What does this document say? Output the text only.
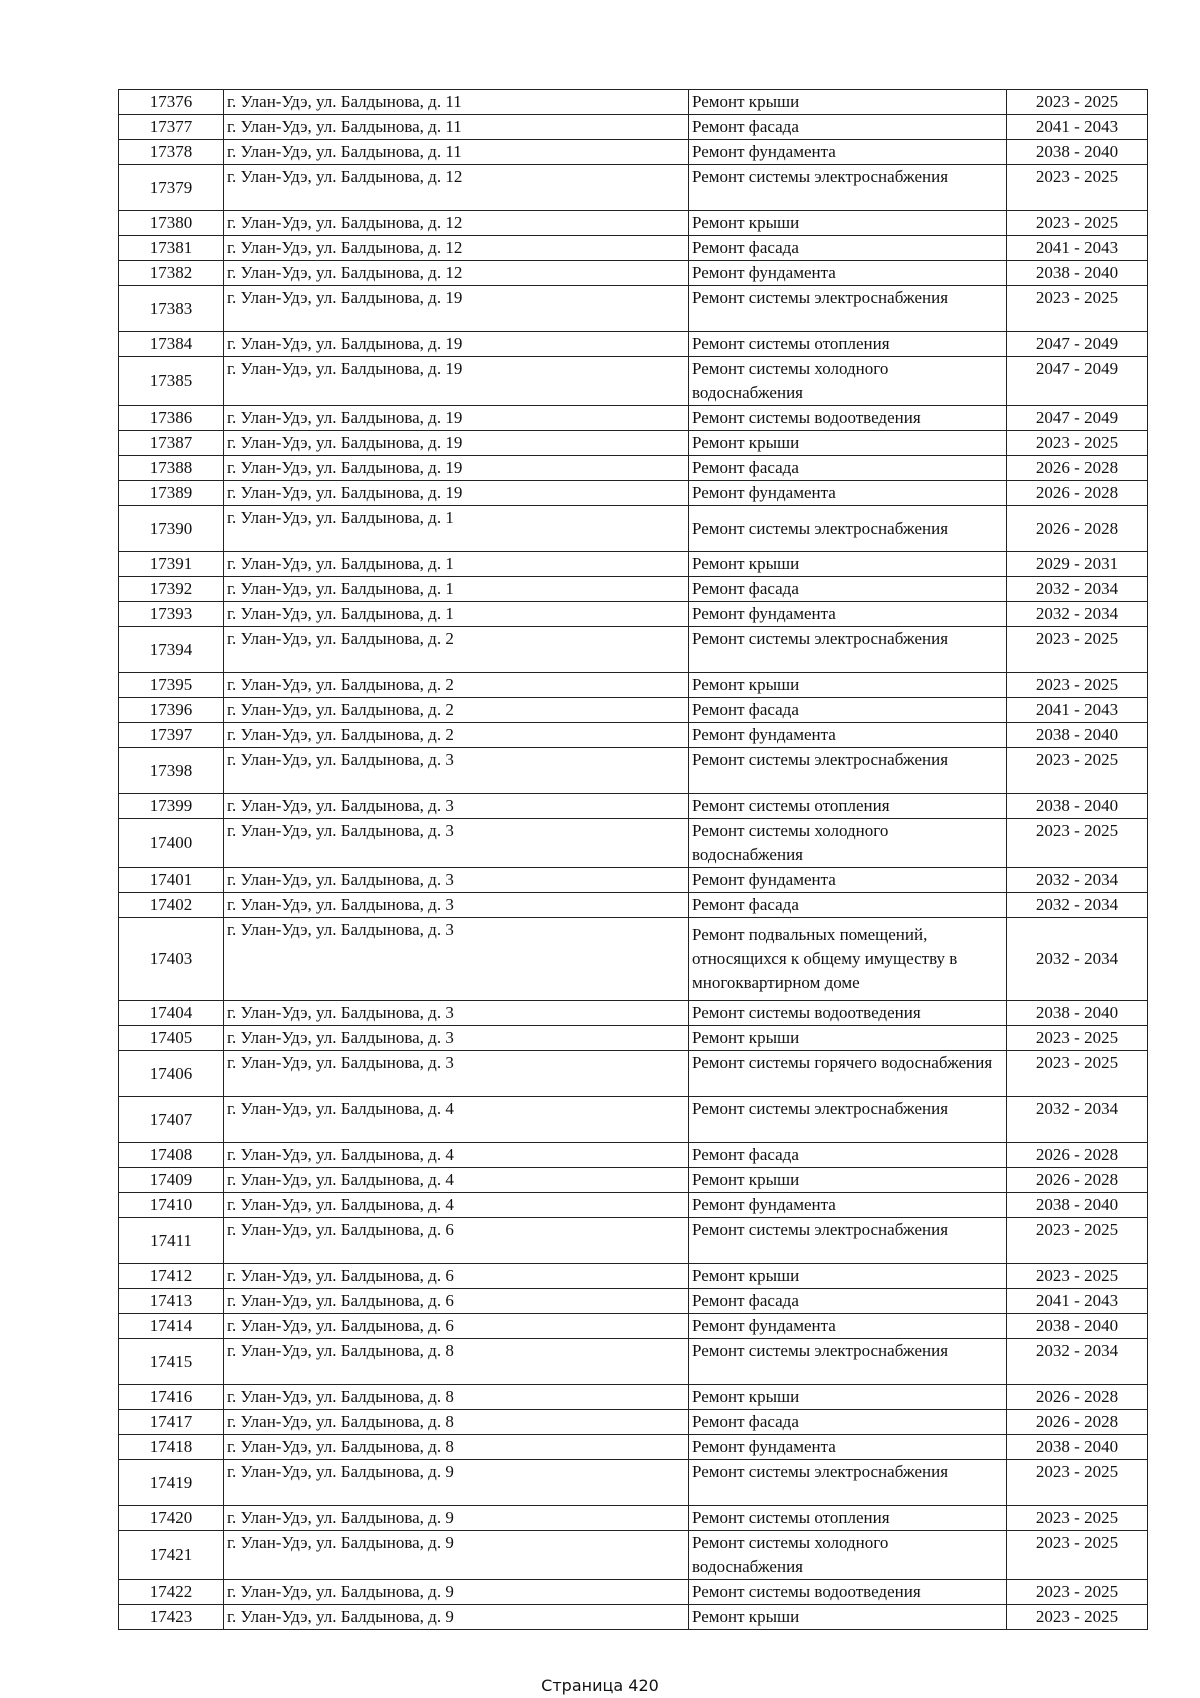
17376	г. Улан-Удэ, ул. Балдынова, д. 11	Ремонт крыши	2023 - 2025
17377	г. Улан-Удэ, ул. Балдынова, д. 11	Ремонт фасада	2041 - 2043
17378	г. Улан-Удэ, ул. Балдынова, д. 11	Ремонт фундамента	2038 - 2040
17379	г. Улан-Удэ, ул. Балдынова, д. 12	Ремонт системы электроснабжения	2023 - 2025
17380	г. Улан-Удэ, ул. Балдынова, д. 12	Ремонт крыши	2023 - 2025
17381	г. Улан-Удэ, ул. Балдынова, д. 12	Ремонт фасада	2041 - 2043
17382	г. Улан-Удэ, ул. Балдынова, д. 12	Ремонт фундамента	2038 - 2040
17383	г. Улан-Удэ, ул. Балдынова, д. 19	Ремонт системы электроснабжения	2023 - 2025
17384	г. Улан-Удэ, ул. Балдынова, д. 19	Ремонт системы отопления	2047 - 2049
17385	г. Улан-Удэ, ул. Балдынова, д. 19	Ремонт системы холодного водоснабжения	2047 - 2049
17386	г. Улан-Удэ, ул. Балдынова, д. 19	Ремонт системы водоотведения	2047 - 2049
17387	г. Улан-Удэ, ул. Балдынова, д. 19	Ремонт крыши	2023 - 2025
17388	г. Улан-Удэ, ул. Балдынова, д. 19	Ремонт фасада	2026 - 2028
17389	г. Улан-Удэ, ул. Балдынова, д. 19	Ремонт фундамента	2026 - 2028
17390	г. Улан-Удэ, ул. Балдынова, д. 1	Ремонт системы электроснабжения	2026 - 2028
17391	г. Улан-Удэ, ул. Балдынова, д. 1	Ремонт крыши	2029 - 2031
17392	г. Улан-Удэ, ул. Балдынова, д. 1	Ремонт фасада	2032 - 2034
17393	г. Улан-Удэ, ул. Балдынова, д. 1	Ремонт фундамента	2032 - 2034
17394	г. Улан-Удэ, ул. Балдынова, д. 2	Ремонт системы электроснабжения	2023 - 2025
17395	г. Улан-Удэ, ул. Балдынова, д. 2	Ремонт крыши	2023 - 2025
17396	г. Улан-Удэ, ул. Балдынова, д. 2	Ремонт фасада	2041 - 2043
17397	г. Улан-Удэ, ул. Балдынова, д. 2	Ремонт фундамента	2038 - 2040
17398	г. Улан-Удэ, ул. Балдынова, д. 3	Ремонт системы электроснабжения	2023 - 2025
17399	г. Улан-Удэ, ул. Балдынова, д. 3	Ремонт системы отопления	2038 - 2040
17400	г. Улан-Удэ, ул. Балдынова, д. 3	Ремонт системы холодного водоснабжения	2023 - 2025
17401	г. Улан-Удэ, ул. Балдынова, д. 3	Ремонт фундамента	2032 - 2034
17402	г. Улан-Удэ, ул. Балдынова, д. 3	Ремонт фасада	2032 - 2034
17403	г. Улан-Удэ, ул. Балдынова, д. 3	Ремонт подвальных помещений, относящихся к общему имуществу в многоквартирном доме	2032 - 2034
17404	г. Улан-Удэ, ул. Балдынова, д. 3	Ремонт системы водоотведения	2038 - 2040
17405	г. Улан-Удэ, ул. Балдынова, д. 3	Ремонт крыши	2023 - 2025
17406	г. Улан-Удэ, ул. Балдынова, д. 3	Ремонт системы горячего водоснабжения	2023 - 2025
17407	г. Улан-Удэ, ул. Балдынова, д. 4	Ремонт системы электроснабжения	2032 - 2034
17408	г. Улан-Удэ, ул. Балдынова, д. 4	Ремонт фасада	2026 - 2028
17409	г. Улан-Удэ, ул. Балдынова, д. 4	Ремонт крыши	2026 - 2028
17410	г. Улан-Удэ, ул. Балдынова, д. 4	Ремонт фундамента	2038 - 2040
17411	г. Улан-Удэ, ул. Балдынова, д. 6	Ремонт системы электроснабжения	2023 - 2025
17412	г. Улан-Удэ, ул. Балдынова, д. 6	Ремонт крыши	2023 - 2025
17413	г. Улан-Удэ, ул. Балдынова, д. 6	Ремонт фасада	2041 - 2043
17414	г. Улан-Удэ, ул. Балдынова, д. 6	Ремонт фундамента	2038 - 2040
17415	г. Улан-Удэ, ул. Балдынова, д. 8	Ремонт системы электроснабжения	2032 - 2034
17416	г. Улан-Удэ, ул. Балдынова, д. 8	Ремонт крыши	2026 - 2028
17417	г. Улан-Удэ, ул. Балдынова, д. 8	Ремонт фасада	2026 - 2028
17418	г. Улан-Удэ, ул. Балдынова, д. 8	Ремонт фундамента	2038 - 2040
17419	г. Улан-Удэ, ул. Балдынова, д. 9	Ремонт системы электроснабжения	2023 - 2025
17420	г. Улан-Удэ, ул. Балдынова, д. 9	Ремонт системы отопления	2023 - 2025
17421	г. Улан-Удэ, ул. Балдынова, д. 9	Ремонт системы холодного водоснабжения	2023 - 2025
17422	г. Улан-Удэ, ул. Балдынова, д. 9	Ремонт системы водоотведения	2023 - 2025
17423	г. Улан-Удэ, ул. Балдынова, д. 9	Ремонт крыши	2023 - 2025
Страница 420
